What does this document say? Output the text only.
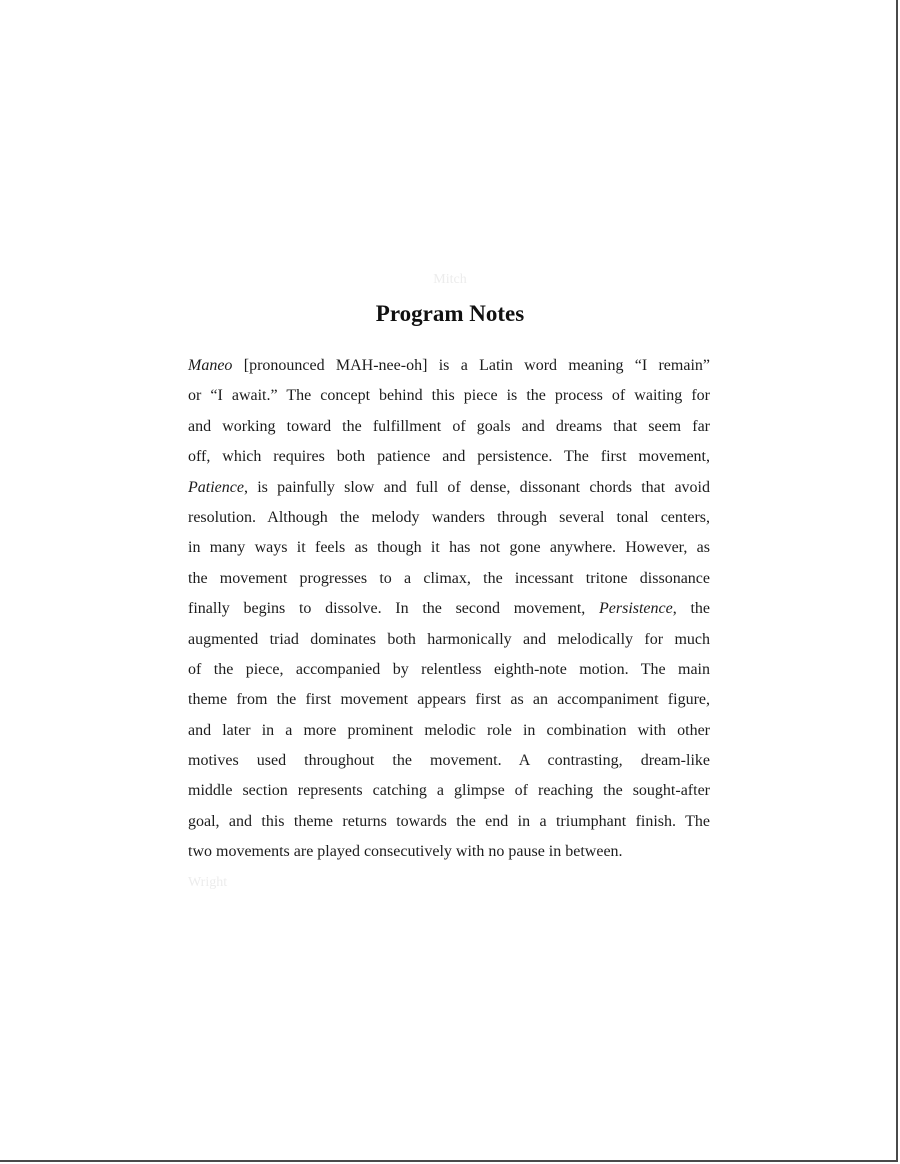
Mitch
Program Notes
Maneo [pronounced MAH-nee-oh] is a Latin word meaning “I remain”
or “I await.” The concept behind this piece is the process of waiting for
and working toward the fulfillment of goals and dreams that seem far
off, which requires both patience and persistence. The first movement,
Patience, is painfully slow and full of dense, dissonant chords that avoid
resolution. Although the melody wanders through several tonal centers,
in many ways it feels as though it has not gone anywhere. However, as
the movement progresses to a climax, the incessant tritone dissonance
finally begins to dissolve. In the second movement, Persistence, the
augmented triad dominates both harmonically and melodically for much
of the piece, accompanied by relentless eighth-note motion. The main
theme from the first movement appears first as an accompaniment figure,
and later in a more prominent melodic role in combination with other
motives used throughout the movement. A contrasting, dream-like
middle section represents catching a glimpse of reaching the sought-after
goal, and this theme returns towards the end in a triumphant finish. The
two movements are played consecutively with no pause in between.
Wright
